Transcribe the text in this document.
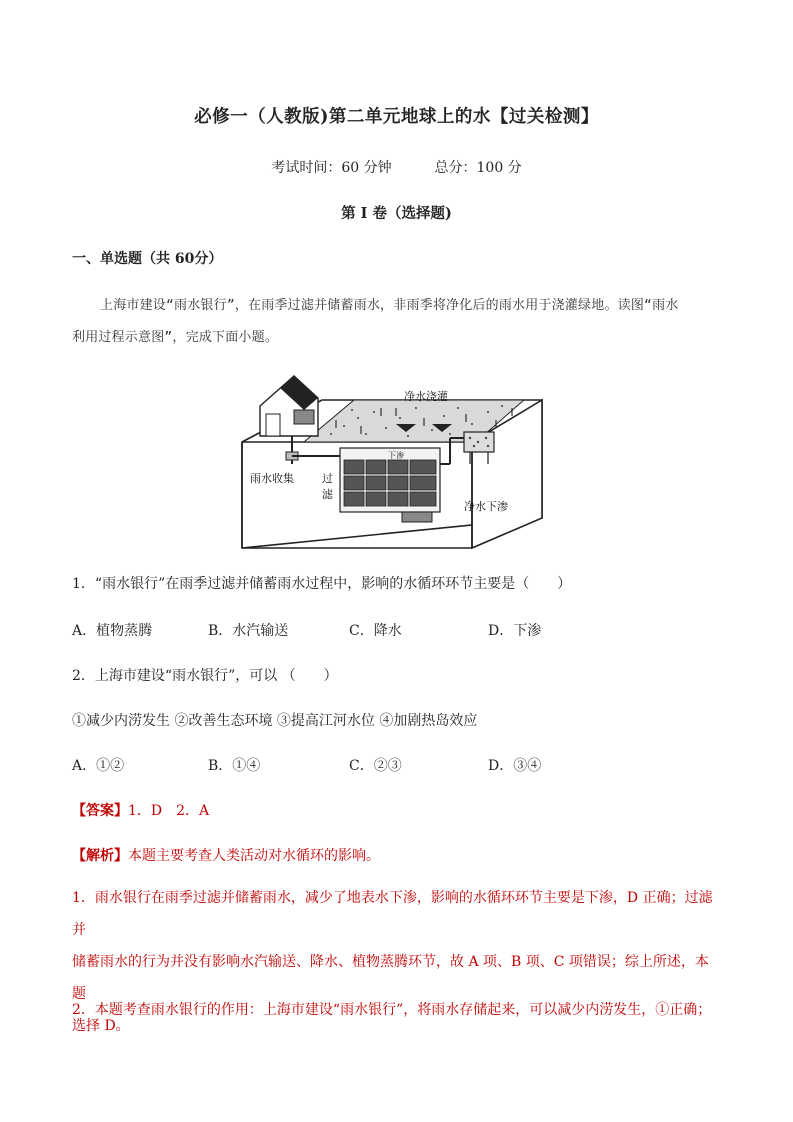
必修一（人教版)第二单元地球上的水【过关检测】
考试时间：60 分钟	总分：100 分
第 I 卷（选择题)
一、单选题（共 60分）

上海市建设“雨水银行”，在雨季过滤并储蓄雨水，非雨季将净化后的雨水用于浇灌绿地。读图“雨水

利用过程示意图”，完成下面小题。

净水浇灌
雨水收集
下渗
过
滤
净水下渗
1．“雨水银行”在雨季过滤并储蓄雨水过程中，影响的水循环环节主要是（　　）
A．植物蒸腾	B．水汽输送	C．降水	D．下渗
2．上海市建设“雨水银行”，可以 （　　）
①减少内涝发生 ②改善生态环境 ③提高江河水位 ④加剧热岛效应
A．①②	B．①④	C．②③	D．③④
【答案】1．D　2．A
【解析】本题主要考查人类活动对水循环的影响。

1．雨水银行在雨季过滤并储蓄雨水，减少了地表水下渗，影响的水循环环节主要是下渗，D 正确；过滤并

储蓄雨水的行为并没有影响水汽输送、降水、植物蒸腾环节，故 A 项、B 项、C 项错误；综上所述，本题

选择 D。

2．本题考查雨水银行的作用：上海市建设“雨水银行”，将雨水存储起来，可以减少内涝发生，①正确；
